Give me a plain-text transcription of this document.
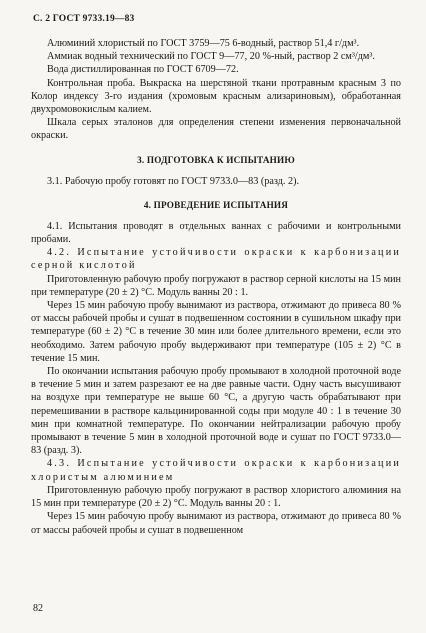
С. 2 ГОСТ 9733.19—83

Алюминий хлористый по ГОСТ 3759—75 6-водный, раствор 51,4 г/дм³.

Аммиак водный технический по ГОСТ 9—77, 20 %-ный, раствор 2 см³/дм³.

Вода дистиллированная по ГОСТ 6709—72.

Контрольная проба. Выкраска на шерстяной ткани протравным красным 3 по Колор индексу 3-го издания (хромовым красным ализариновым), обработанная двухромовокислым калием.

Шкала серых эталонов для определения степени изменения первоначальной окраски.

3. ПОДГОТОВКА К ИСПЫТАНИЮ

3.1. Рабочую пробу готовят по ГОСТ 9733.0—83 (разд. 2).

4. ПРОВЕДЕНИЕ ИСПЫТАНИЯ

4.1. Испытания проводят в отдельных ваннах с рабочими и контрольными пробами.

4.2. Испытание устойчивости окраски к карбонизации серной кислотой

Приготовленную рабочую пробу погружают в раствор серной кислоты на 15 мин при температуре (20 ± 2) °С. Модуль ванны 20 : 1.

Через 15 мин рабочую пробу вынимают из раствора, отжимают до привеса 80 % от массы рабочей пробы и сушат в подвешенном состоянии в сушильном шкафу при температуре (60 ± 2) °С в течение 30 мин или более длительного времени, если это необходимо. Затем рабочую пробу выдерживают при температуре (105 ± 2) °С в течение 15 мин.

По окончании испытания рабочую пробу промывают в холодной проточной воде в течение 5 мин и затем разрезают ее на две равные части. Одну часть высушивают на воздухе при температуре не выше 60 °С, а другую часть обрабатывают при перемешивании в растворе кальцинированной соды при модуле 40 : 1 в течение 30 мин при комнатной температуре. По окончании нейтрализации рабочую пробу промывают в течение 5 мин в холодной проточной воде и сушат по ГОСТ 9733.0—83 (разд. 3).

4.3. Испытание устойчивости окраски к карбонизации хлористым алюминием

Приготовленную рабочую пробу погружают в раствор хлористого алюминия на 15 мин при температуре (20 ± 2) °С. Модуль ванны 20 : 1.

Через 15 мин рабочую пробу вынимают из раствора, отжимают до привеса 80 % от массы рабочей пробы и сушат в подвешенном

82
